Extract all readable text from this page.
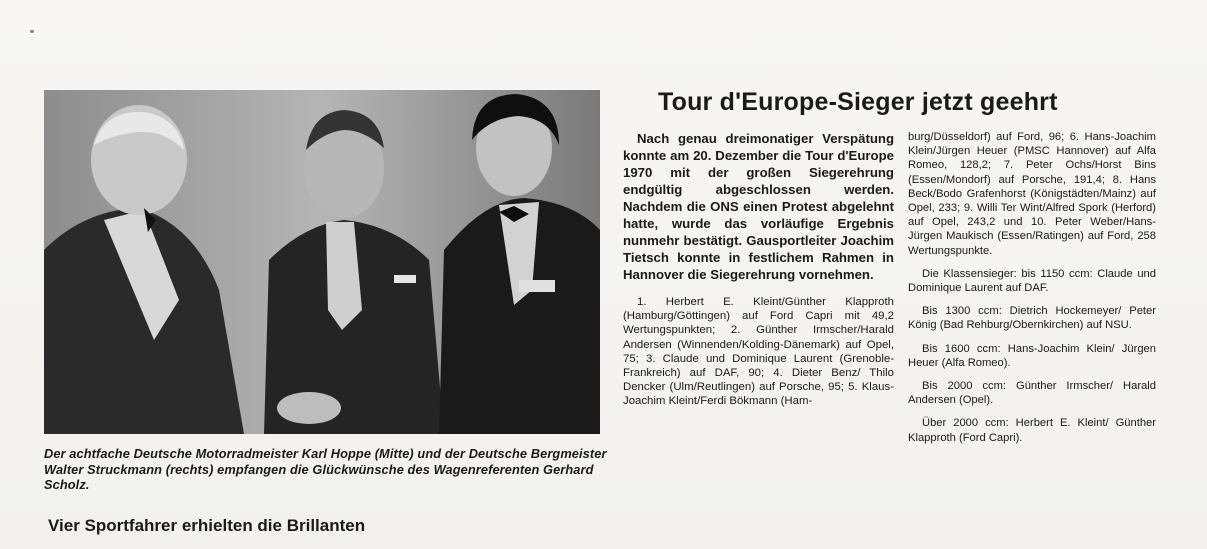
Der achtfache Deutsche Motorradmeister Karl Hoppe (Mitte) und der Deutsche Bergmeister Walter Struckmann (rechts) empfangen die Glückwünsche des Wagenreferenten Gerhard Scholz.
Vier Sportfahrer erhielten die Brillanten
Tour d'Europe-Sieger jetzt geehrt

Nach genau dreimonatiger Verspätung konnte am 20. Dezember die Tour d'Europe 1970 mit der großen Siegerehrung endgültig abgeschlossen werden. Nachdem die ONS einen Protest abgelehnt hatte, wurde das vorläufige Ergebnis nunmehr bestätigt. Gausportleiter Joachim Tietsch konnte in festlichem Rahmen in Hannover die Siegerehrung vornehmen.

1. Herbert E. Kleint/Günther Klapproth (Hamburg/Göttingen) auf Ford Capri mit 49,2 Wertungspunkten; 2. Günther Irmscher/Harald Andersen (Winnenden/Kolding-Dänemark) auf Opel, 75; 3. Claude und Dominique Laurent (Grenoble-Frankreich) auf DAF, 90; 4. Dieter Benz/ Thilo Dencker (Ulm/Reutlingen) auf Porsche, 95; 5. Klaus-Joachim Kleint/Ferdi Bökmann (Ham-

burg/Düsseldorf) auf Ford, 96; 6. Hans-Joachim Klein/Jürgen Heuer (PMSC Hannover) auf Alfa Romeo, 128,2; 7. Peter Ochs/Horst Bins (Essen/Mondorf) auf Porsche, 191,4; 8. Hans Beck/Bodo Grafenhorst (Königstädten/Mainz) auf Opel, 233; 9. Willi Ter Wint/Alfred Spork (Herford) auf Opel, 243,2 und 10. Peter Weber/Hans-Jürgen Maukisch (Essen/Ratingen) auf Ford, 258 Wertungspunkte.

Die Klassensieger: bis 1150 ccm: Claude und Dominique Laurent auf DAF.

Bis 1300 ccm: Dietrich Hockemeyer/ Peter König (Bad Rehburg/Obernkirchen) auf NSU.

Bis 1600 ccm: Hans-Joachim Klein/ Jürgen Heuer (Alfa Romeo).

Bis 2000 ccm: Günther Irmscher/ Harald Andersen (Opel).

Über 2000 ccm: Herbert E. Kleint/ Günther Klapproth (Ford Capri).
